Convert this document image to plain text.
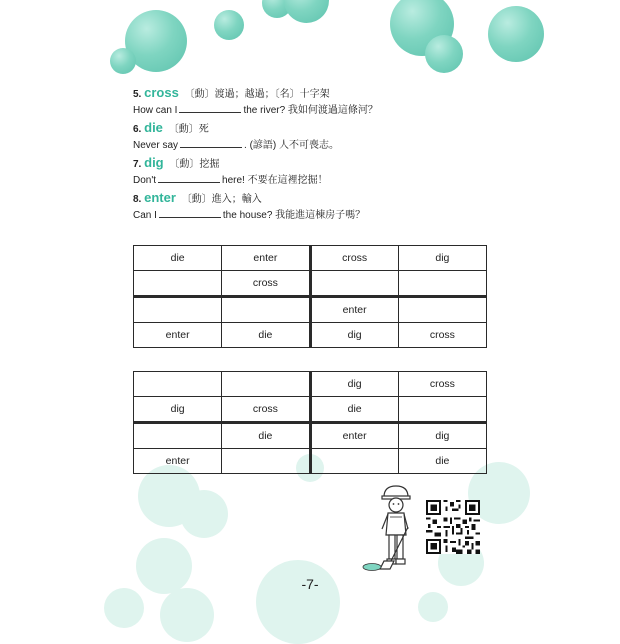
5. cross 〔動〕渡過；越過；〔名〕十字架
How can I	the river? 我如何渡過這條河？
6. die 〔動〕死
Never say	. (諺語) 人不可喪志。
7. dig 〔動〕挖掘
Don't	here! 不要在這裡挖掘！
8. enter 〔動〕進入；輸入
Can I	the house? 我能進這棟房子嗎？
die	enter	cross	dig
	cross		
		enter	
enter	die	dig	cross
		dig	cross
dig	cross	die	
	die	enter	dig
enter			die
-7-
